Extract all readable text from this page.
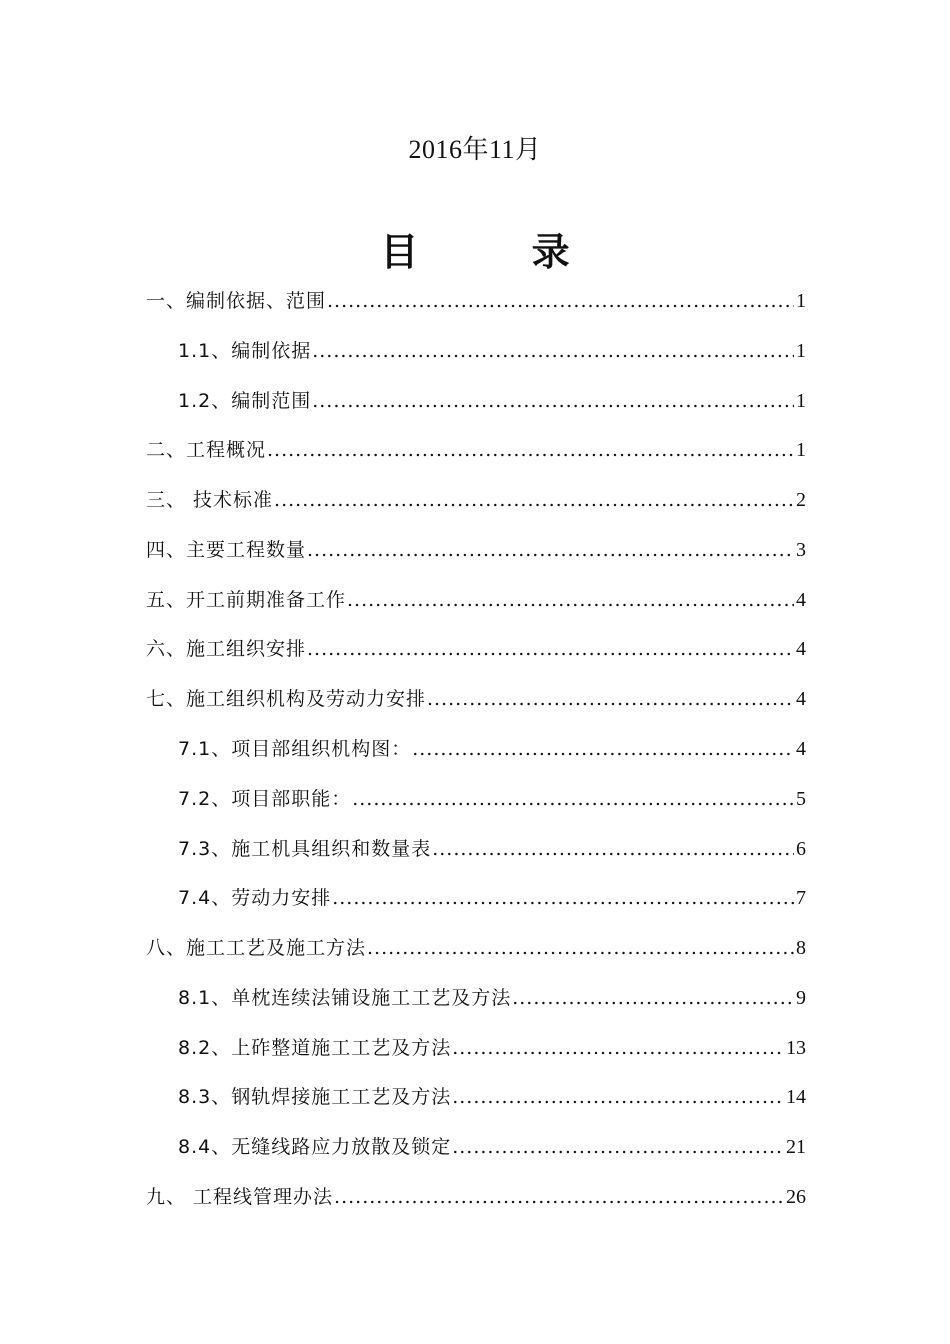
2016年11月
目 录
一、编制依据、范围 .....	1
1.1、编制依据 .....	1
1.2、编制范围 .....	1
二、工程概况 .....	1
三、 技术标准 .....	2
四、主要工程数量 .....	3
五、开工前期准备工作 .....	4
六、施工组织安排 .....	4
七、施工组织机构及劳动力安排 .....	4
7.1、项目部组织机构图： .....	4
7.2、项目部职能： .....	5
7.3、施工机具组织和数量表 .....	6
7.4、劳动力安排 .....	7
八、施工工艺及施工方法 .....	8
8.1、单枕连续法铺设施工工艺及方法 .....	9
8.2、上砟整道施工工艺及方法 .....	13
8.3、钢轨焊接施工工艺及方法 .....	14
8.4、无缝线路应力放散及锁定 .....	21
九、 工程线管理办法 .....	26
